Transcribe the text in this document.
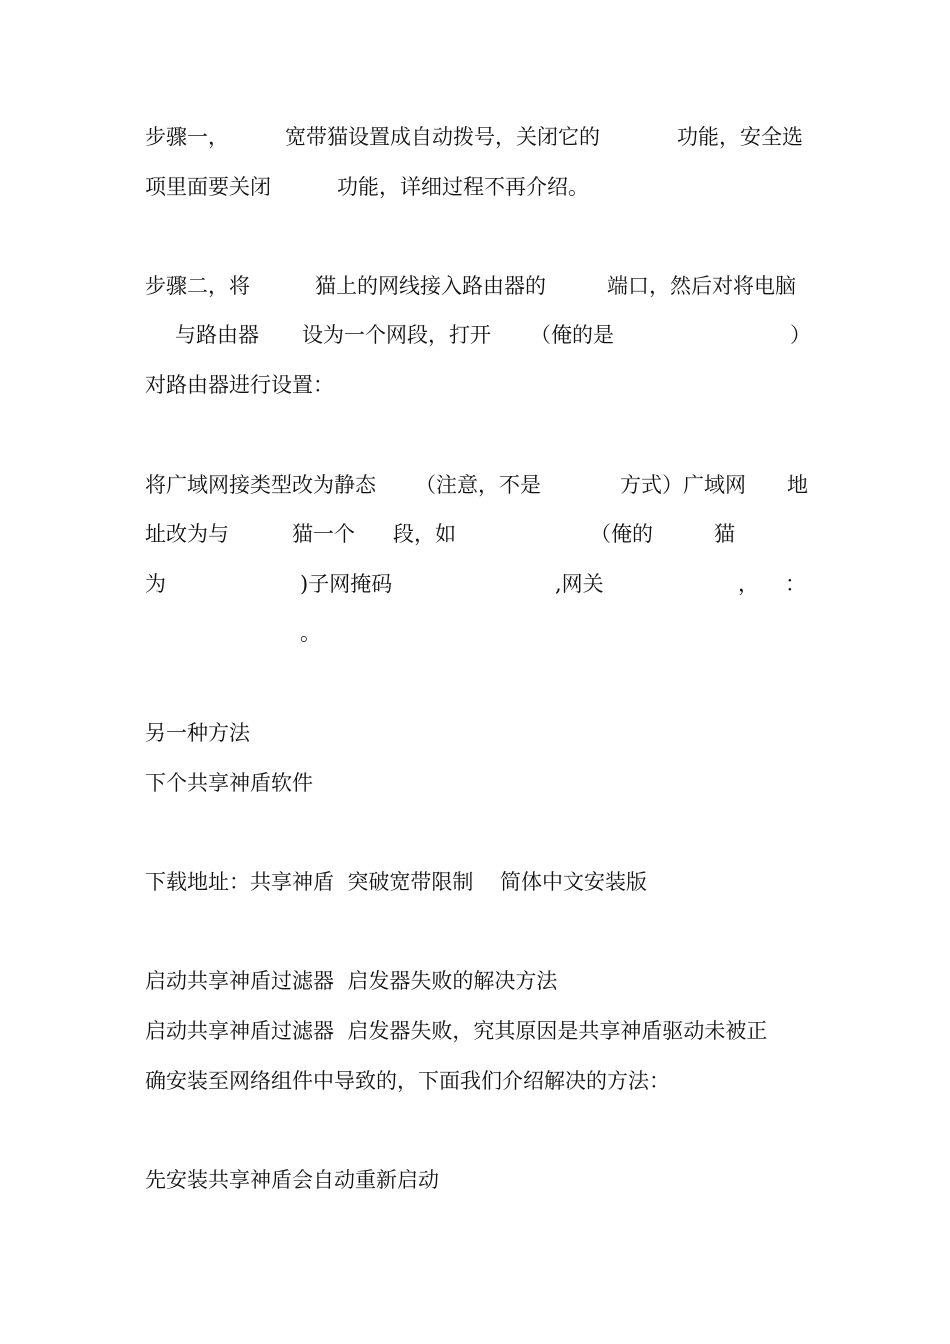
步骤一，	宽带猫设置成自动拨号，关闭它的	功能，安全选
项里面要关闭	功能，详细过程不再介绍。
步骤二，将	猫上的网线接入路由器的	端口，然后对将电脑
与路由器 设为一个网段，打开 （俺的是	）
对路由器进行设置：
将广域网接类型改为静态 （注意，不是	方式）广域网 地
址改为与	猫一个 段，如	（俺的	猫
为	)子网掩码	,网关	， ：
。
另一种方法
下个共享神盾软件
下载地址：共享神盾  突破宽带限制    简体中文安装版
启动共享神盾过滤器  启发器失败的解决方法
启动共享神盾过滤器  启发器失败，究其原因是共享神盾驱动未被正
确安装至网络组件中导致的，下面我们介绍解决的方法：
先安装共享神盾会自动重新启动
